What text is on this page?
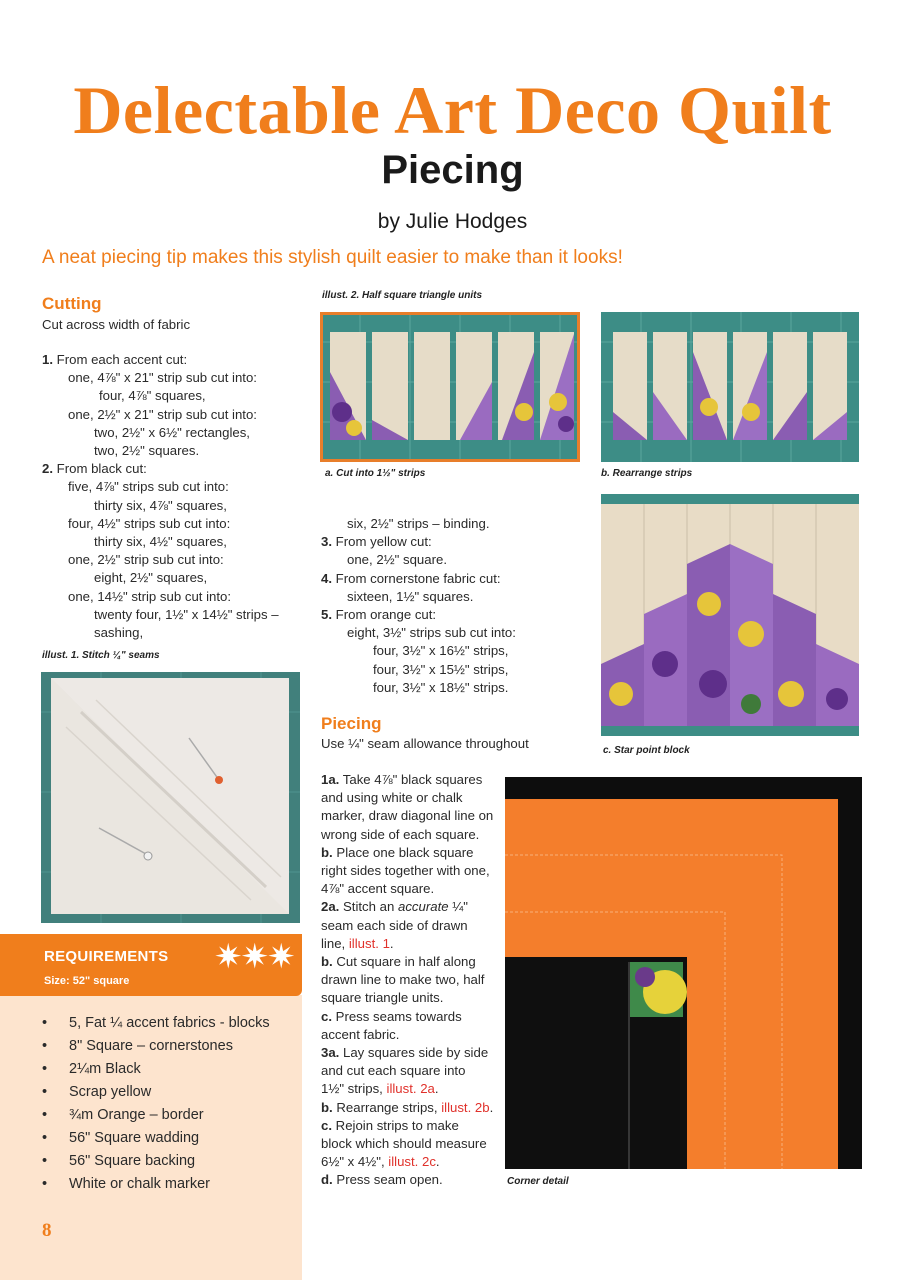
Delectable Art Deco Quilt
Piecing
by Julie Hodges
A neat piecing tip makes this stylish quilt easier to make than it looks!
Cutting
Cut across width of fabric
1. From each accent cut:
one, 4⅞" x 21" strip sub cut into:
four, 4⅞" squares,
one, 2½" x 21" strip sub cut into:
two, 2½" x 6½" rectangles,
two, 2½" squares.
2. From black cut:
five, 4⅞" strips sub cut into:
thirty six, 4⅞" squares,
four, 4½" strips sub cut into:
thirty six, 4½" squares,
one, 2½" strip sub cut into:
eight, 2½" squares,
one, 14½" strip sub cut into:
twenty four, 1½" x 14½" strips –
sashing,
illust. 1. Stitch ¼" seams
REQUIREMENTS
Size: 52" square
✷✷✷
• 5, Fat ¼ accent fabrics - blocks
• 8" Square – cornerstones
• 2¼m Black
• Scrap yellow
• ¾m Orange – border
• 56" Square wadding
• 56" Square backing
• White or chalk marker
8
illust. 2. Half square triangle units
a. Cut into 1½" strips	b. Rearrange strips
c. Star point block
six, 2½" strips – binding.
3. From yellow cut:
one, 2½" square.
4. From cornerstone fabric cut:
sixteen, 1½" squares.
5. From orange cut:
eight, 3½" strips sub cut into:
four, 3½" x 16½" strips,
four, 3½" x 15½" strips,
four, 3½" x 18½" strips.
Piecing
Use ¼" seam allowance throughout
1a. Take 4⅞" black squares
and using white or chalk
marker, draw diagonal line on
wrong side of each square.
b. Place one black square
right sides together with one,
4⅞" accent square.
2a. Stitch an accurate ¼"
seam each side of drawn
line, illust. 1.
b. Cut square in half along
drawn line to make two, half
square triangle units.
c. Press seams towards
accent fabric.
3a. Lay squares side by side
and cut each square into
1½" strips, illust. 2a.
b. Rearrange strips, illust. 2b.
c. Rejoin strips to make
block which should measure
6½" x 4½", illust. 2c.
d. Press seam open.	Corner detail
